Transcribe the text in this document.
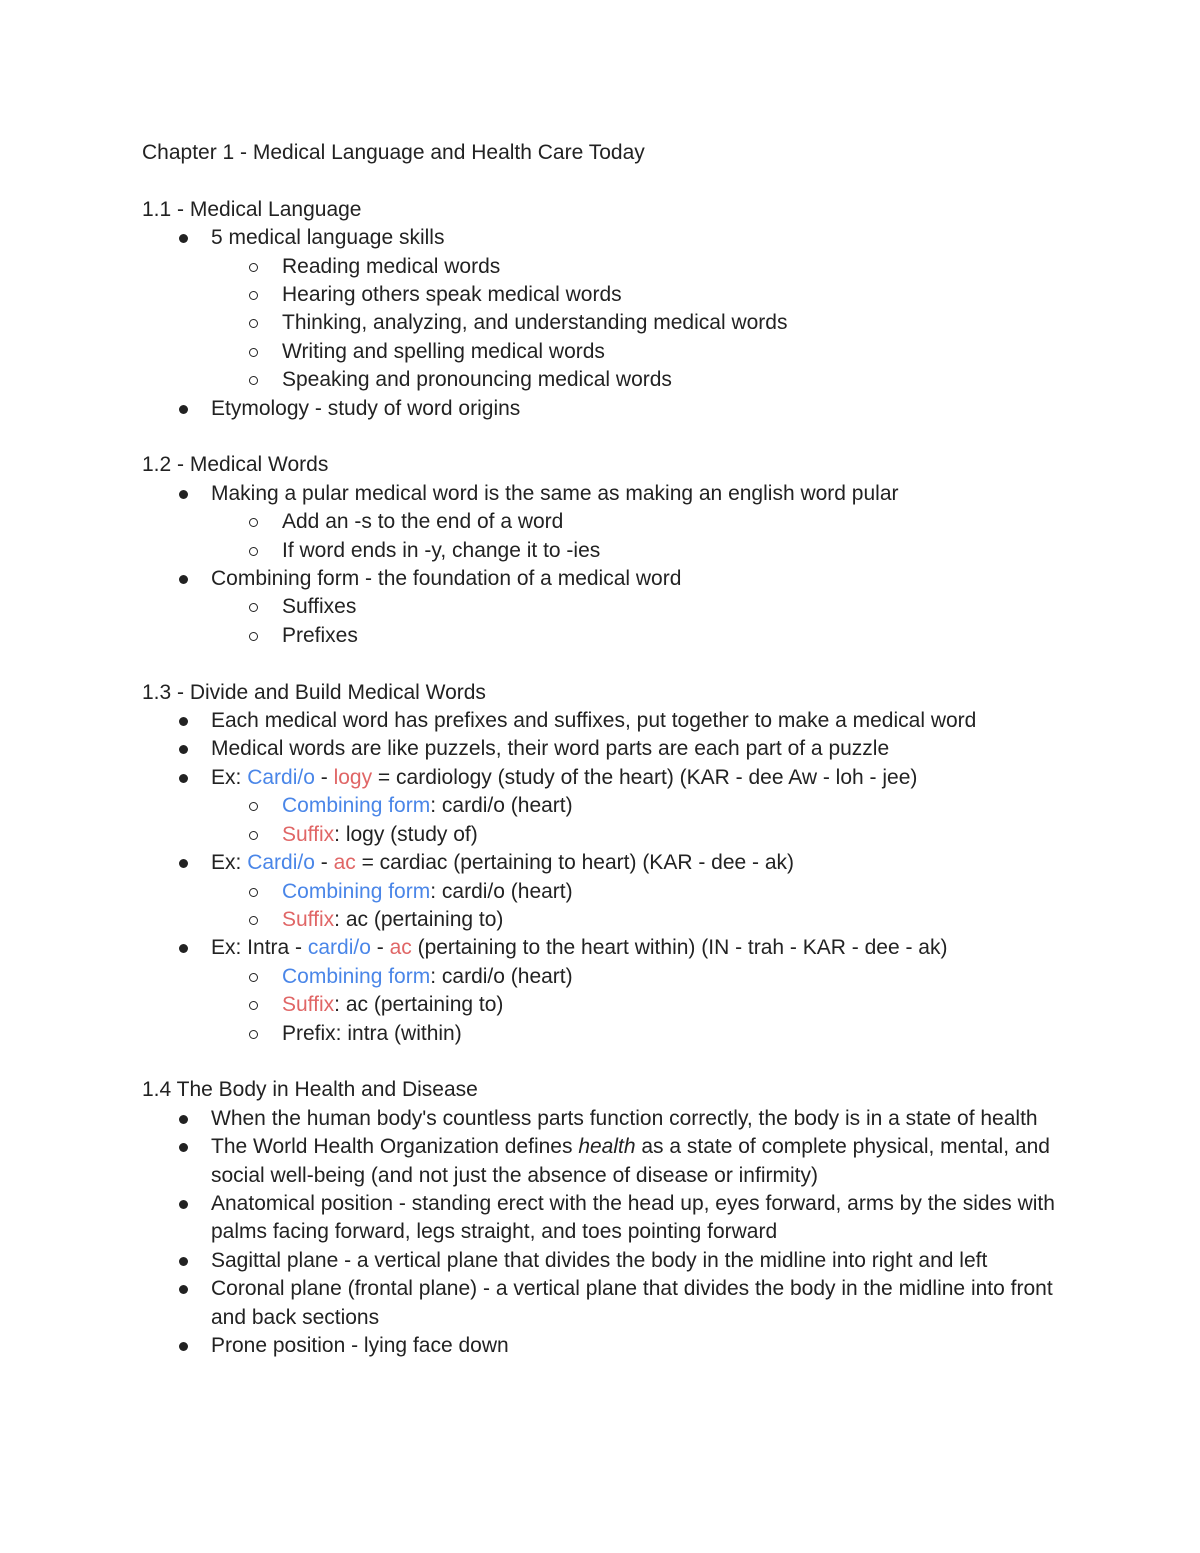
Chapter 1 - Medical Language and Health Care Today
1.1 - Medical Language
5 medical language skills
Reading medical words
Hearing others speak medical words
Thinking, analyzing, and understanding medical words
Writing and spelling medical words
Speaking and pronouncing medical words
Etymology - study of word origins
1.2 - Medical Words
Making a pular medical word is the same as making an english word pular
Add an -s to the end of a word
If word ends in -y, change it to -ies
Combining form - the foundation of a medical word
Suffixes
Prefixes
1.3 - Divide and Build Medical Words
Each medical word has prefixes and suffixes, put together to make a medical word
Medical words are like puzzels, their word parts are each part of a puzzle
Ex: Cardi/o - logy = cardiology (study of the heart) (KAR - dee Aw - loh - jee)
Combining form: cardi/o (heart)
Suffix: logy (study of)
Ex: Cardi/o - ac = cardiac (pertaining to heart) (KAR - dee - ak)
Combining form: cardi/o (heart)
Suffix: ac (pertaining to)
Ex: Intra - cardi/o - ac (pertaining to the heart within) (IN - trah - KAR - dee - ak)
Combining form: cardi/o (heart)
Suffix: ac (pertaining to)
Prefix: intra (within)
1.4 The Body in Health and Disease
When the human body's countless parts function correctly, the body is in a state of health
The World Health Organization defines health as a state of complete physical, mental, and social well-being (and not just the absence of disease or infirmity)
Anatomical position - standing erect with the head up, eyes forward, arms by the sides with palms facing forward, legs straight, and toes pointing forward
Sagittal plane - a vertical plane that divides the body in the midline into right and left
Coronal plane (frontal plane) - a vertical plane that divides the body in the midline into front and back sections
Prone position - lying face down
